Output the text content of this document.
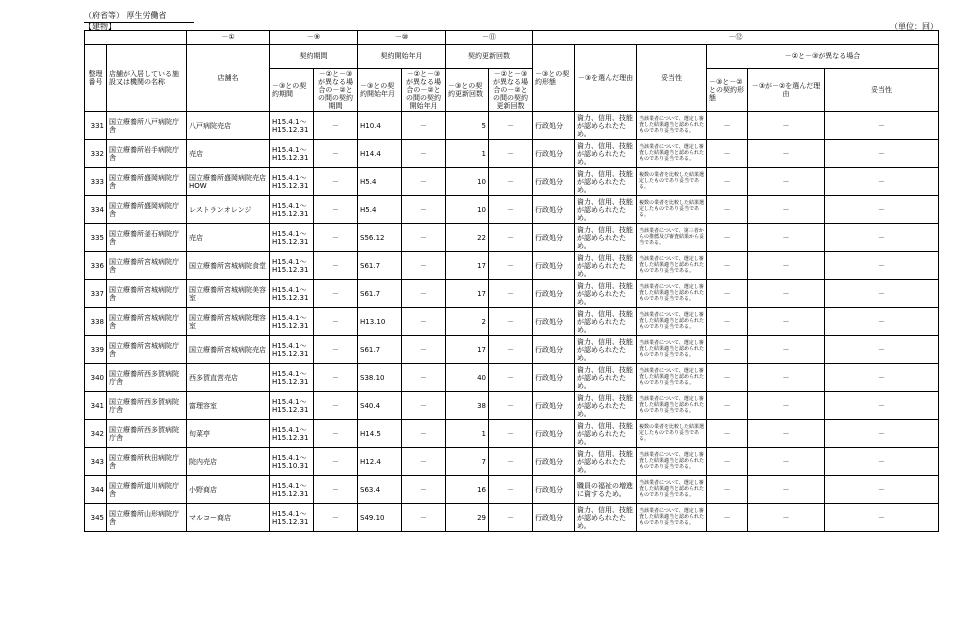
（府省等） 厚生労働省
【建物】	（単位：回）
		－①	－⑨		－⑩		－⑪		－⑫					
整理番号	店舗が入居している施設又は機関の名称	店舗名	契約期間		契約開始年月		契約更新回数		－③との契約形態	－③を選んだ理由	妥当性	－②と－③が異なる場合		
			－③との契約期間	－②と－③が異なる場合の－②との間の契約期間	－③との契約開始年月	－②と－③が異なる場合の－②との間の契約開始年月	－③との契約更新回数	－②と－③が異なる場合の－②との間の契約更新回数				－③と－②との契約形態	－③が－②を選んだ理由	妥当性
331	国立療養所八戸病院庁舎	八戸病院売店	H15.4.1～H15.12.31	－	H10.4	－	5	－	行政処分	資力、信用、技能が認められたため。	当該業者について、選定し審査した結果適当と認められたものであり妥当である。	－	－	－
332	国立療養所岩手病院庁舎	売店	H15.4.1～H15.12.31	－	H14.4	－	1	－	行政処分	資力、信用、技能が認められたため。	当該業者について、選定し審査した結果適当と認められたものであり妥当である。	－	－	－
333	国立療養所盛岡病院庁舎	国立療養所盛岡病院売店HOW	H15.4.1～H15.12.31	－	H5.4	－	10	－	行政処分	資力、信用、技能が認められたため。	複数の業者を比較した結果選定したものであり妥当である。	－	－	－
334	国立療養所盛岡病院庁舎	レストランオレンジ	H15.4.1～H15.12.31	－	H5.4	－	10	－	行政処分	資力、信用、技能が認められたため。	複数の業者を比較した結果選定したものであり妥当である。	－	－	－
335	国立療養所釜石病院庁舎	売店	H15.4.1～H15.12.31	－	S56.12	－	22	－	行政処分	資力、信用、技能が認められたため。	当該業者について、第三者からの推薦及び審査結果から妥当である。	－	－	－
336	国立療養所宮城病院庁舎	国立療養所宮城病院食堂	H15.4.1～H15.12.31	－	S61.7	－	17	－	行政処分	資力、信用、技能が認められたため。	当該業者について、選定し審査した結果適当と認められたものであり妥当である。	－	－	－
337	国立療養所宮城病院庁舎	国立療養所宮城病院美容室	H15.4.1～H15.12.31	－	S61.7	－	17	－	行政処分	資力、信用、技能が認められたため。	当該業者について、選定し審査した結果適当と認められたものであり妥当である。	－	－	－
338	国立療養所宮城病院庁舎	国立療養所宮城病院理容室	H15.4.1～H15.12.31	－	H13.10	－	2	－	行政処分	資力、信用、技能が認められたため。	当該業者について、選定し審査した結果適当と認められたものであり妥当である。	－	－	－
339	国立療養所宮城病院庁舎	国立療養所宮城病院売店	H15.4.1～H15.12.31	－	S61.7	－	17	－	行政処分	資力、信用、技能が認められたため。	当該業者について、選定し審査した結果適当と認められたものであり妥当である。	－	－	－
340	国立療養所西多賀病院庁舎	西多賀直営売店	H15.4.1～H15.12.31	－	S38.10	－	40	－	行政処分	資力、信用、技能が認められたため。	当該業者について、選定し審査した結果適当と認められたものであり妥当である。	－	－	－
341	国立療養所西多賀病院庁舎	富理容室	H15.4.1～H15.12.31	－	S40.4	－	38	－	行政処分	資力、信用、技能が認められたため。	当該業者について、選定し審査した結果適当と認められたものであり妥当である。	－	－	－
342	国立療養所西多賀病院庁舎	旬菜亭	H15.4.1～H15.12.31	－	H14.5	－	1	－	行政処分	資力、信用、技能が認められたため。	複数の業者を比較した結果選定したものであり妥当である。	－	－	－
343	国立療養所秋田病院庁舎	院内売店	H15.4.1～H15.10.31	－	H12.4	－	7	－	行政処分	資力、信用、技能が認められたため。	当該業者について、選定し審査した結果適当と認められたものであり妥当である。	－	－	－
344	国立療養所道川病院庁舎	小野商店	H15.4.1～H15.12.31	－	S63.4	－	16	－	行政処分	職員の福祉の増進に資するため。	当該業者について、選定し審査した結果適当と認められたものであり妥当である。	－	－	－
345	国立療養所山形病院庁舎	マルコー商店	H15.4.1～H15.12.31	－	S49.10	－	29	－	行政処分	資力、信用、技能が認められたため。	当該業者について、選定し審査した結果適当と認められたものであり妥当である。	－	－	－
